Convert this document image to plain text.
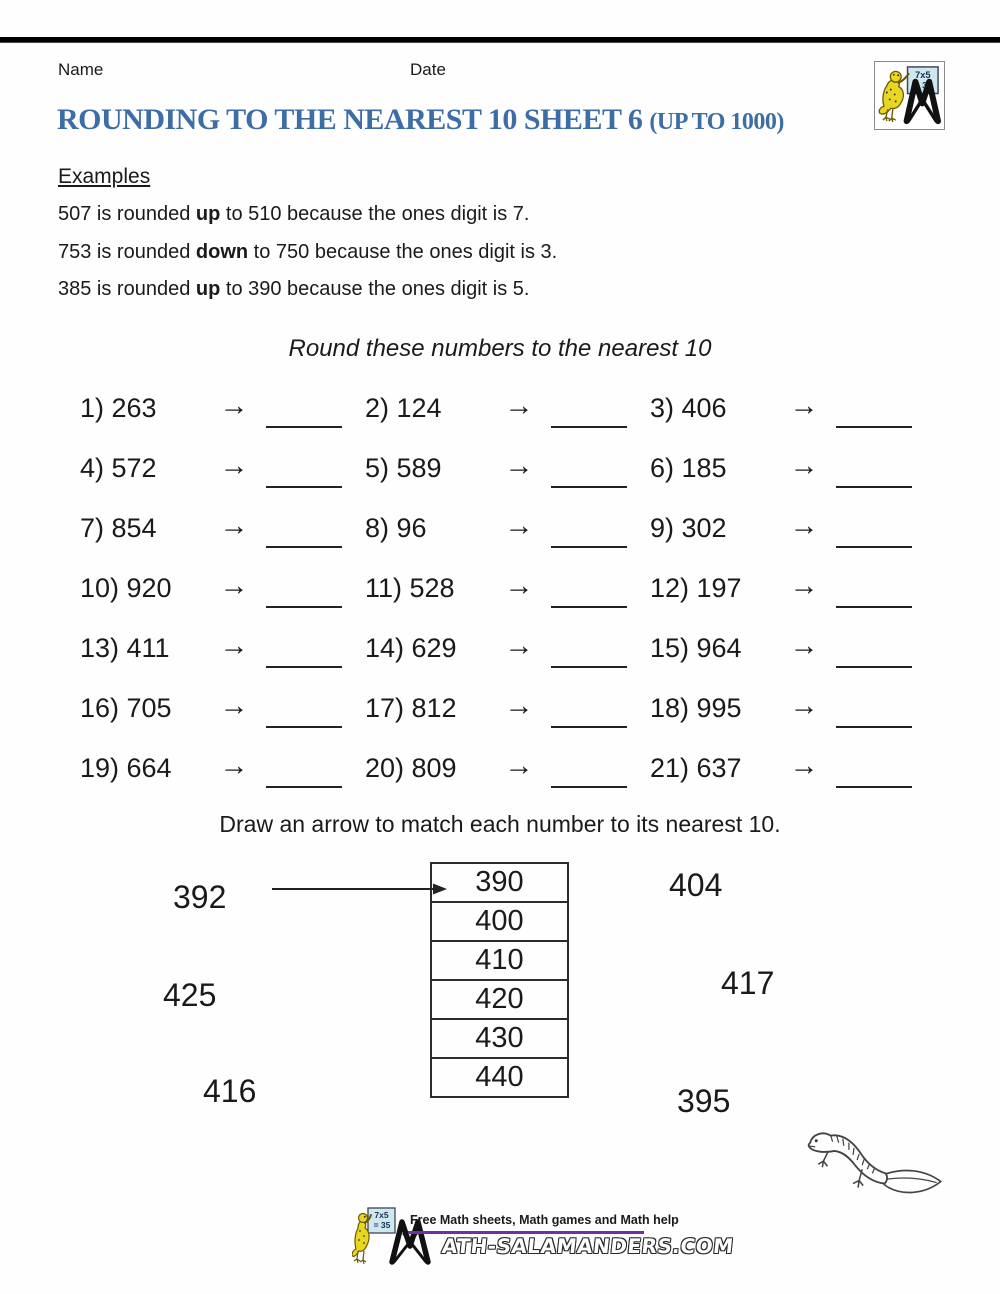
Name	Date	7x5
= 35
ROUNDING TO THE NEAREST 10 SHEET 6 (UP TO 1000)
Examples
507 is rounded up to 510 because the ones digit is 7.
753 is rounded down to 750 because the ones digit is 3.
385 is rounded up to 390 because the ones digit is 5.
Round these numbers to the nearest 10
1) 263	→	2) 124	→	3) 406	→
4) 572	→	5) 589	→	6) 185	→
7) 854	→	8) 96	→	9) 302	→
10) 920	→	11) 528	→	12) 197	→
13) 411	→	14) 629	→	15) 964	→
16) 705	→	17) 812	→	18) 995	→
19) 664	→	20) 809	→	21) 637	→
Draw an arrow to match each number to its nearest 10.
392
425
416
390
400
410
420
430
440
404
417
395
7x5
= 35 Free Math sheets, Math games and Math help
ATH-SALAMANDERS.COM
